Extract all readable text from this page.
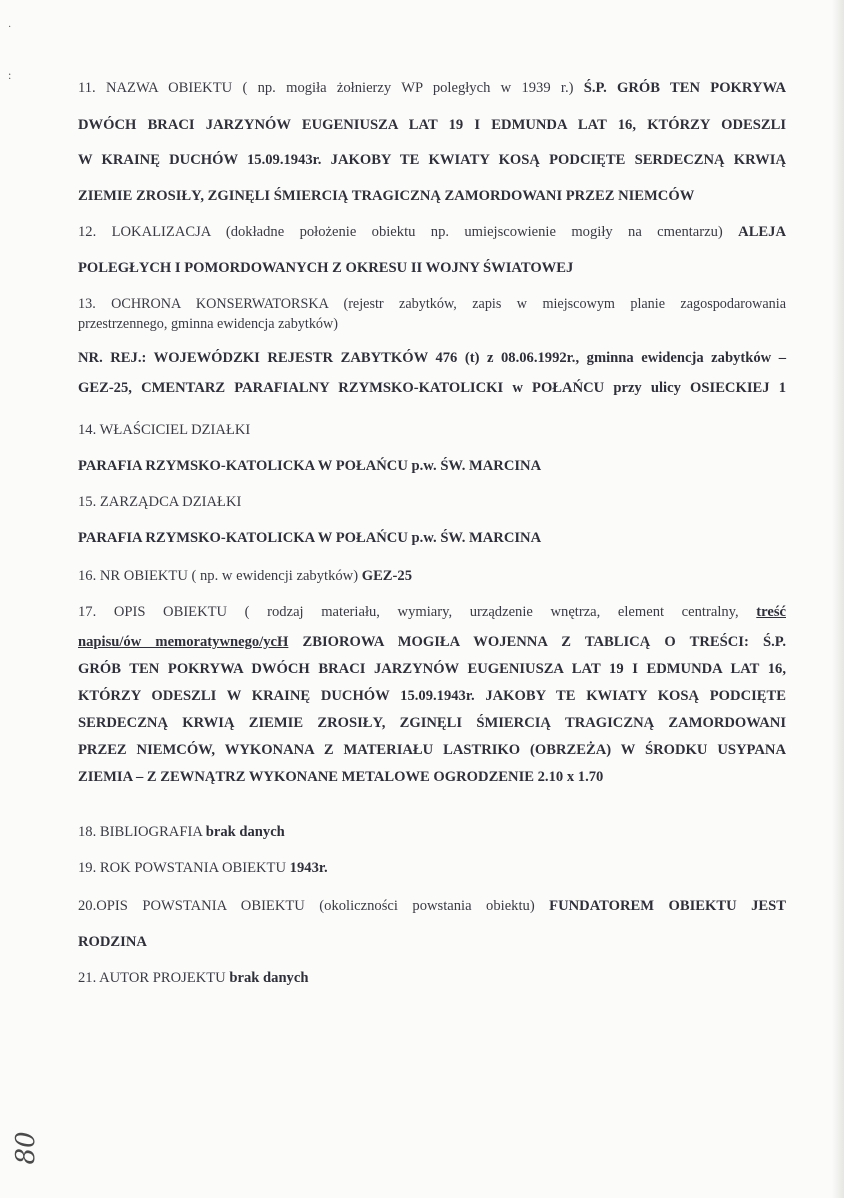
·
:
11. NAZWA OBIEKTU ( np. mogiła żołnierzy WP poległych w 1939 r.) Ś.P. GRÓB TEN POKRYWA
DWÓCH BRACI JARZYNÓW EUGENIUSZA LAT 19 I EDMUNDA LAT 16, KTÓRZY ODESZLI
W KRAINĘ DUCHÓW 15.09.1943r. JAKOBY TE KWIATY KOSĄ PODCIĘTE SERDECZNĄ KRWIĄ
ZIEMIE ZROSIŁY, ZGINĘLI ŚMIERCIĄ TRAGICZNĄ ZAMORDOWANI PRZEZ NIEMCÓW
12. LOKALIZACJA (dokładne położenie obiektu np. umiejscowienie mogiły na cmentarzu) ALEJA
POLEGŁYCH I POMORDOWANYCH Z OKRESU II WOJNY ŚWIATOWEJ
13. OCHRONA KONSERWATORSKA (rejestr zabytków, zapis w miejscowym planie zagospodarowania
przestrzennego, gminna ewidencja zabytków)
NR. REJ.: WOJEWÓDZKI REJESTR ZABYTKÓW 476 (t) z 08.06.1992r., gminna ewidencja zabytków –
GEZ-25, CMENTARZ PARAFIALNY RZYMSKO-KATOLICKI w POŁAŃCU przy ulicy OSIECKIEJ 1
14. WŁAŚCICIEL DZIAŁKI
PARAFIA RZYMSKO-KATOLICKA W POŁAŃCU p.w. ŚW. MARCINA
15. ZARZĄDCA DZIAŁKI
PARAFIA RZYMSKO-KATOLICKA W POŁAŃCU p.w. ŚW. MARCINA
16. NR OBIEKTU ( np. w ewidencji zabytków) GEZ-25
17. OPIS OBIEKTU ( rodzaj materiału, wymiary, urządzenie wnętrza, element centralny, treść
napisu/ów memoratywnego/ycH ZBIOROWA MOGIŁA WOJENNA Z TABLICĄ O TREŚCI: Ś.P.
GRÓB TEN POKRYWA DWÓCH BRACI JARZYNÓW EUGENIUSZA LAT 19 I EDMUNDA LAT 16,
KTÓRZY ODESZLI W KRAINĘ DUCHÓW 15.09.1943r. JAKOBY TE KWIATY KOSĄ PODCIĘTE
SERDECZNĄ KRWIĄ ZIEMIE ZROSIŁY, ZGINĘLI ŚMIERCIĄ TRAGICZNĄ ZAMORDOWANI
PRZEZ NIEMCÓW, WYKONANA Z MATERIAŁU LASTRIKO (OBRZEŻA) W ŚRODKU USYPANA
ZIEMIA – Z ZEWNĄTRZ WYKONANE METALOWE OGRODZENIE 2.10 x 1.70
18. BIBLIOGRAFIA brak danych
19. ROK POWSTANIA OBIEKTU 1943r.
20.OPIS POWSTANIA OBIEKTU (okoliczności powstania obiektu) FUNDATOREM OBIEKTU JEST
RODZINA
21. AUTOR PROJEKTU brak danych
80
